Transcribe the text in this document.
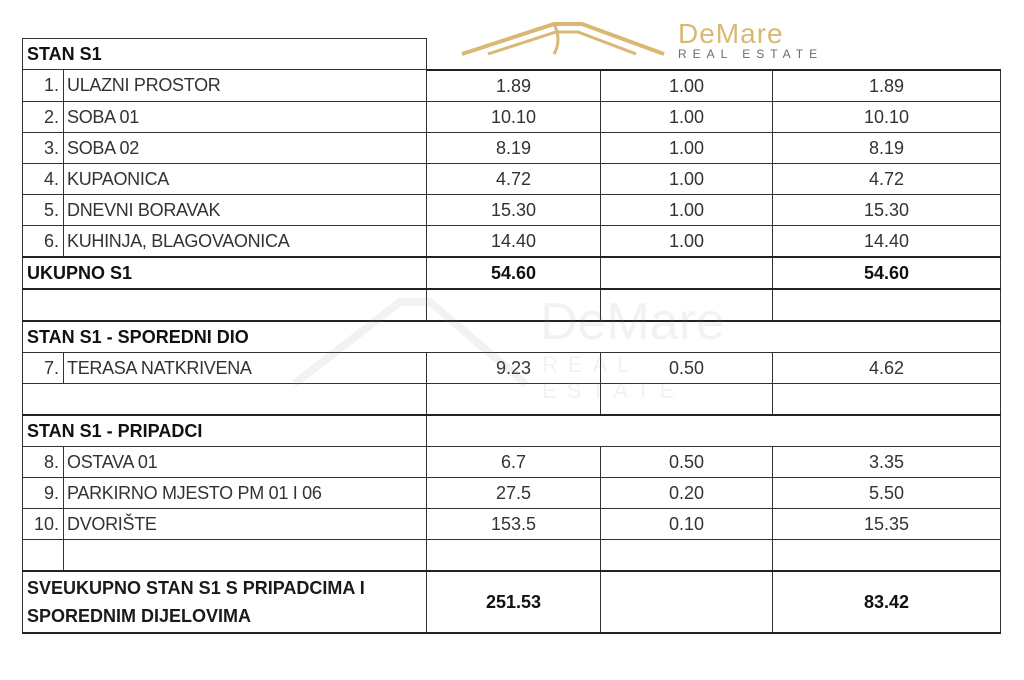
DeMare
REAL ESTATE
STAN S1				
1.	ULAZNI PROSTOR	1.89	1.00	1.89
2.	SOBA 01	10.10	1.00	10.10
3.	SOBA 02	8.19	1.00	8.19
4.	KUPAONICA	4.72	1.00	4.72
5.	DNEVNI BORAVAK	15.30	1.00	15.30
6.	KUHINJA, BLAGOVAONICA	14.40	1.00	14.40
UKUPNO S1		54.60		54.60

STAN S1 - SPOREDNI DIO				
7.	TERASA NATKRIVENA	9.23	0.50	4.62

STAN S1 - PRIPADCI				
8.	OSTAVA 01	6.7	0.50	3.35
9.	PARKIRNO MJESTO PM 01 I 06	27.5	0.20	5.50
10.	DVORIŠTE	153.5	0.10	15.35

SVEUKUPNO STAN S1 S PRIPADCIMA I SPOREDNIM DIJELOVIMA		251.53		83.42
DeMare
REAL ESTATE
